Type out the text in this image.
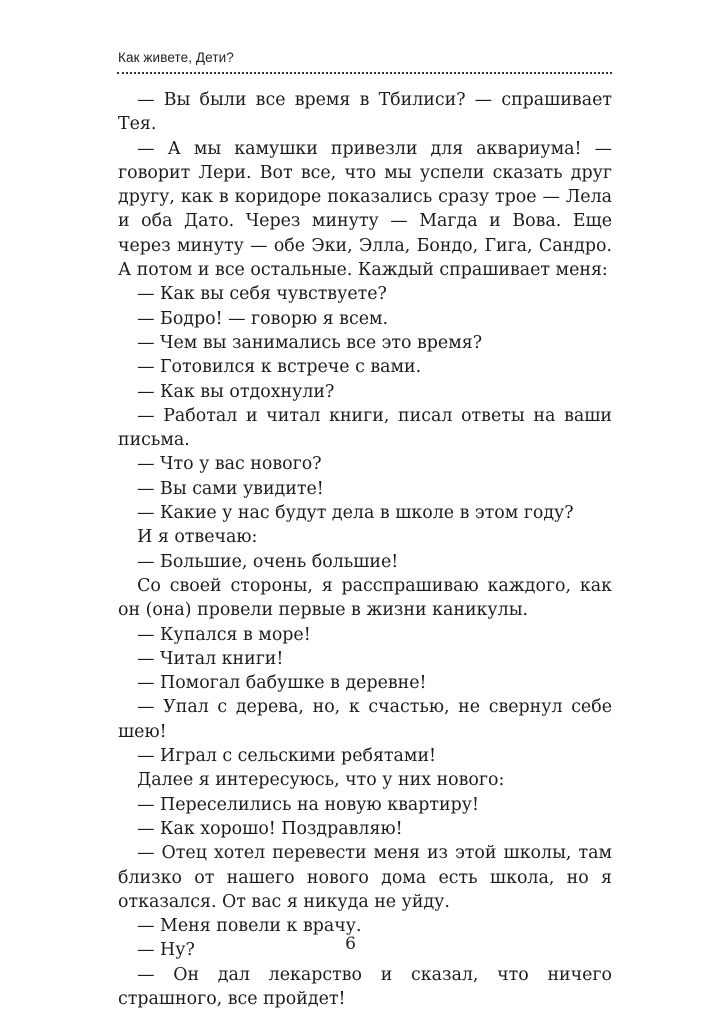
Как живете, Дети?

— Вы были все время в Тбилиси? — спрашивает Тея.

— А мы камушки привезли для аквариума! — говорит Лери. Вот все, что мы успели сказать друг другу, как в коридоре показались сразу трое — Лела и оба Дато. Через минуту — Магда и Вова. Еще через минуту — обе Эки, Элла, Бондо, Гига, Сандро. А потом и все остальные. Каждый спрашивает меня:

— Как вы себя чувствуете?

— Бодро! — говорю я всем.

— Чем вы занимались все это время?

— Готовился к встрече с вами.

— Как вы отдохнули?

— Работал и читал книги, писал ответы на ваши письма.

— Что у вас нового?

— Вы сами увидите!

— Какие у нас будут дела в школе в этом году?

И я отвечаю:

— Большие, очень большие!

Со своей стороны, я расспрашиваю каждого, как он (она) провели первые в жизни каникулы.

— Купался в море!

— Читал книги!

— Помогал бабушке в деревне!

— Упал с дерева, но, к счастью, не свернул себе шею!

— Играл с сельскими ребятами!

Далее я интересуюсь, что у них нового:

— Переселились на новую квартиру!

— Как хорошо! Поздравляю!

— Отец хотел перевести меня из этой школы, там близко от нашего нового дома есть школа, но я отказался. От вас я никуда не уйду.

— Меня повели к врачу.

— Ну?

— Он дал лекарство и сказал, что ничего страшного, все пройдет!

6
